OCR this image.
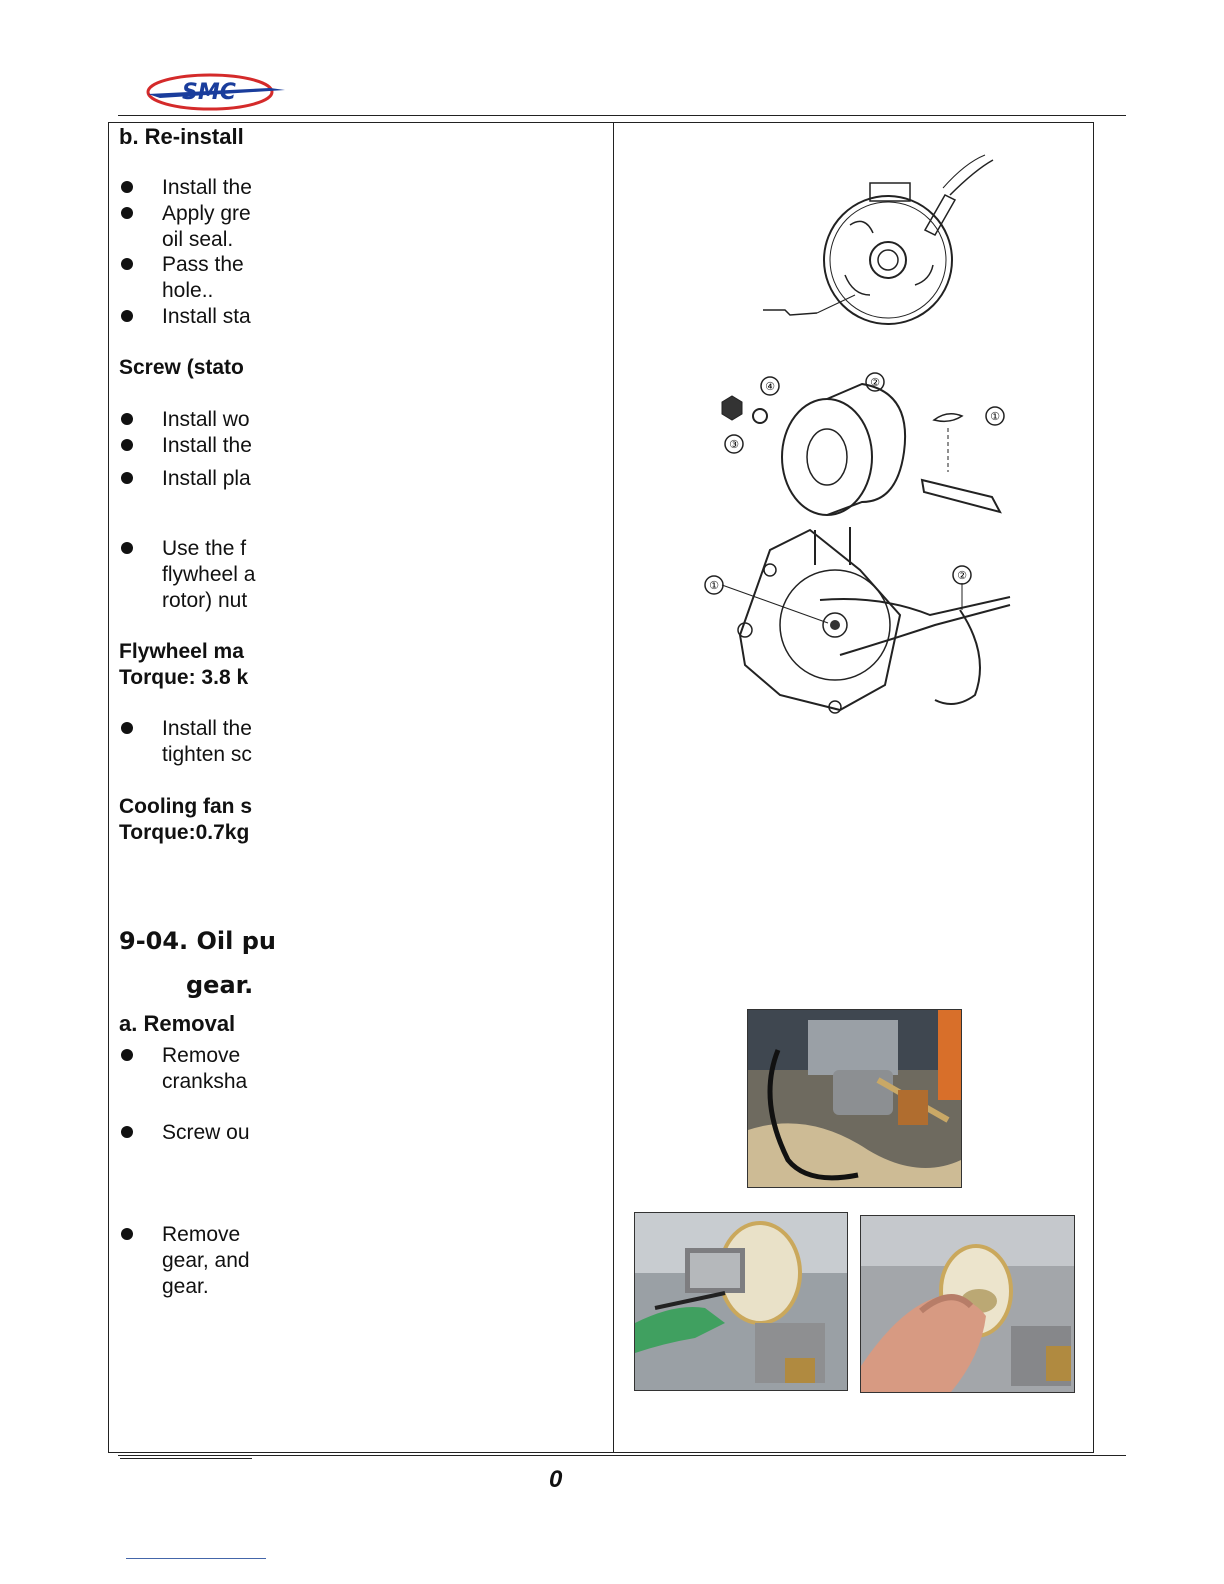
SMC
b. Re-install
Install the
Apply gre
oil seal.
Pass the
hole..
Install sta
Screw (stato
Install wo
Install the
Install pla
Use the f
flywheel a
rotor) nut
Flywheel ma
Torque: 3.8 k
Install the
tighten sc
Cooling fan s
Torque:0.7kg
9-04. Oil pu
gear.
a. Removal
Remove
cranksha
Screw ou
Remove
gear, and
gear.
④	②
③
①
①
②
0
